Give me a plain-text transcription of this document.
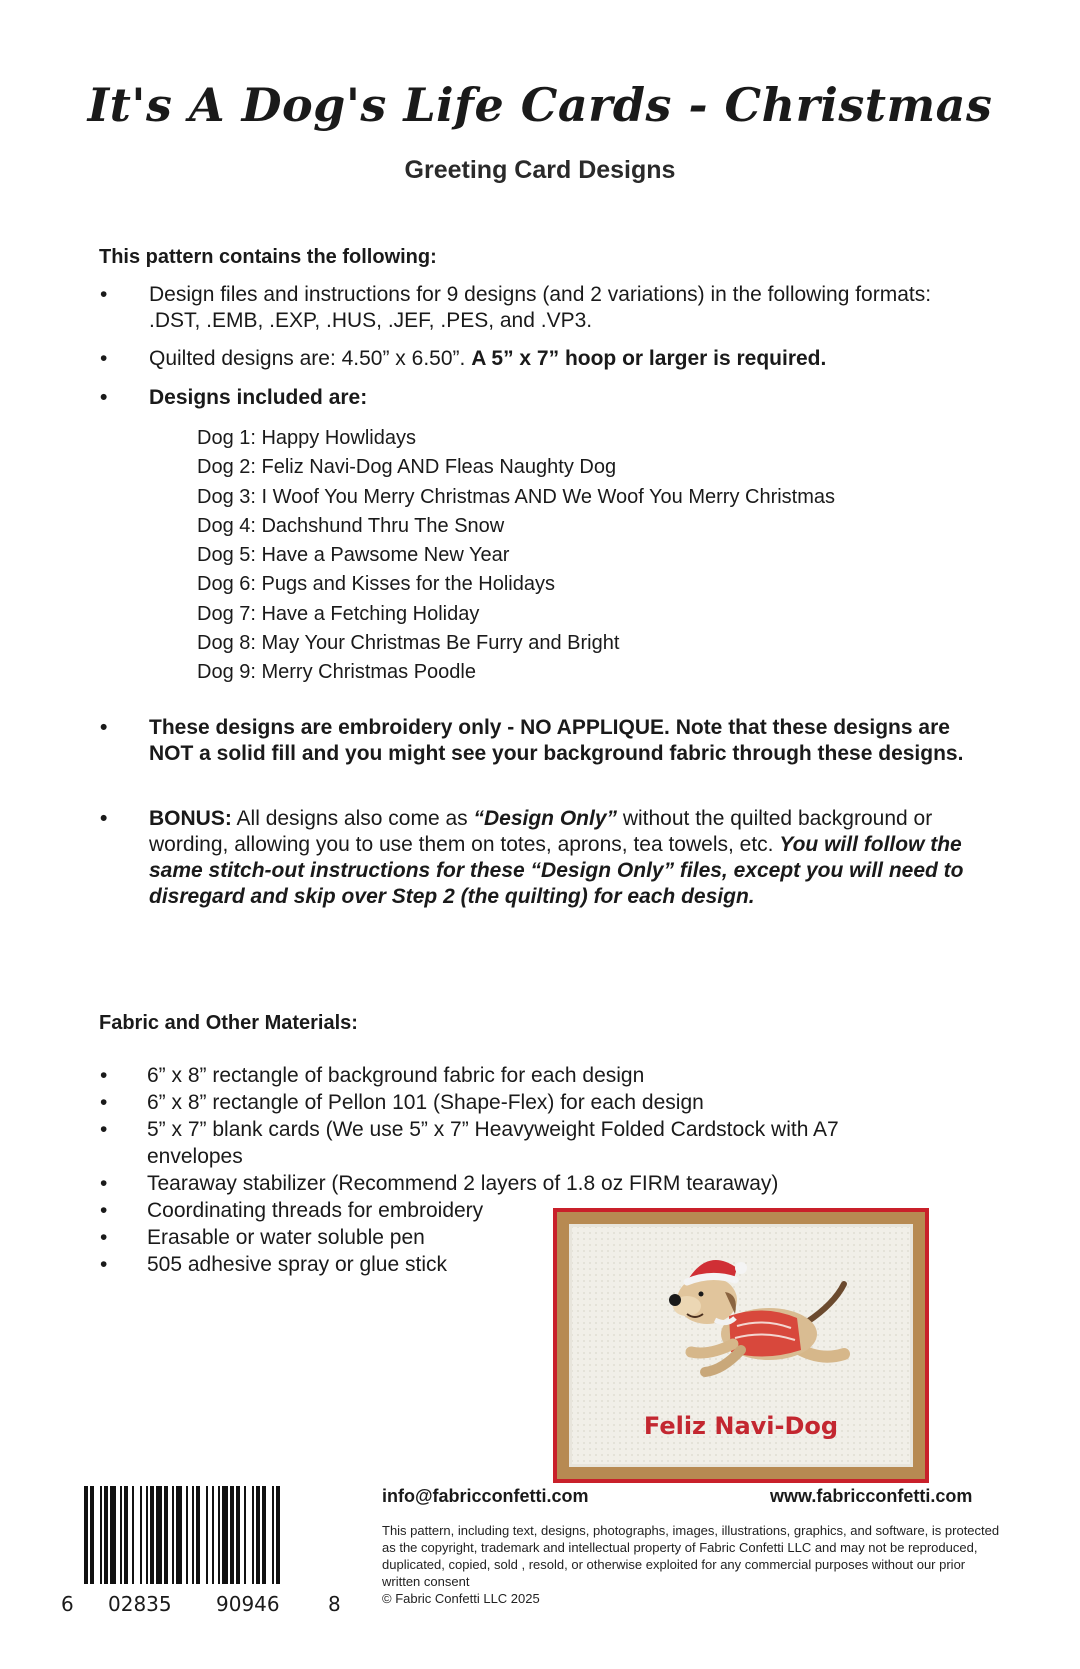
It's A Dog's Life Cards - Christmas
Greeting Card Designs
This pattern contains the following:
• Design files and instructions for 9 designs (and 2 variations) in the following formats: .DST, .EMB, .EXP, .HUS, .JEF, .PES, and .VP3.
• Quilted designs are: 4.50” x 6.50”. A 5” x 7” hoop or larger is required.
• Designs included are:
Dog 1: Happy Howlidays
Dog 2: Feliz Navi-Dog AND Fleas Naughty Dog
Dog 3: I Woof You Merry Christmas AND We Woof You Merry Christmas
Dog 4: Dachshund Thru The Snow
Dog 5: Have a Pawsome New Year
Dog 6: Pugs and Kisses for the Holidays
Dog 7: Have a Fetching Holiday
Dog 8: May Your Christmas Be Furry and Bright
Dog 9: Merry Christmas Poodle
• These designs are embroidery only - NO APPLIQUE. Note that these designs are NOT a solid fill and you might see your background fabric through these designs.
• BONUS: All designs also come as “Design Only” without the quilted background or wording, allowing you to use them on totes, aprons, tea towels, etc. You will follow the same stitch-out instructions for these “Design Only” files, except you will need to disregard and skip over Step 2 (the quilting) for each design.
Fabric and Other Materials:
• 6” x 8” rectangle of background fabric for each design
• 6” x 8” rectangle of Pellon 101 (Shape-Flex) for each design
• 5” x 7” blank cards (We use 5” x 7” Heavyweight Folded Cardstock with A7 envelopes
• Tearaway stabilizer (Recommend 2 layers of 1.8 oz FIRM tearaway)
• Coordinating threads for embroidery
• Erasable or water soluble pen
• 505 adhesive spray or glue stick
Feliz Navi-Dog
6 02835 90946 8
info@fabricconfetti.com	www.fabricconfetti.com
This pattern, including text, designs, photographs, images, illustrations, graphics, and software, is protected as the copyright, trademark and intellectual property of Fabric Confetti LLC and may not be reproduced, duplicated, copied, sold , resold, or otherwise exploited for any commercial purposes without our prior written consent
© Fabric Confetti LLC 2025
